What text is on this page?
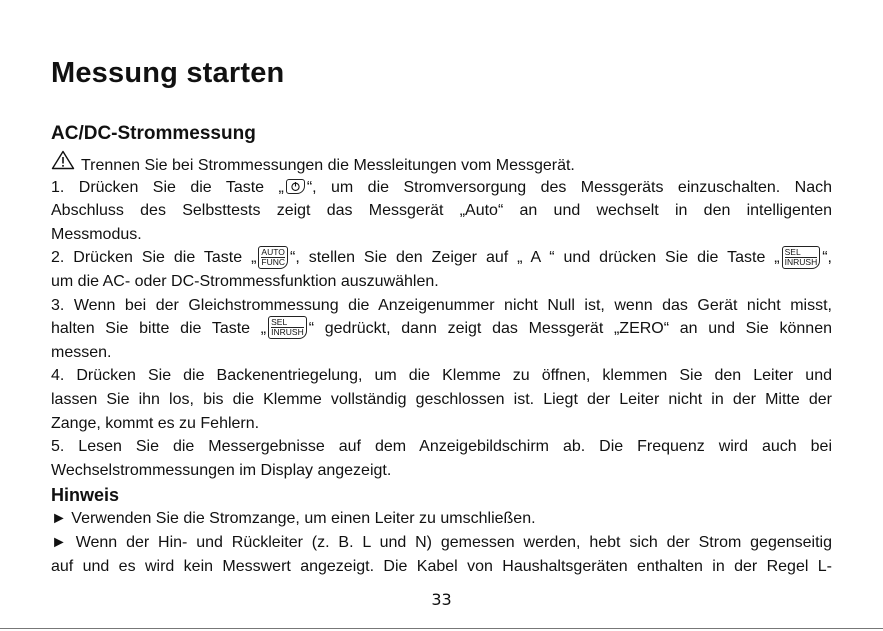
Messung starten
AC/DC-Strommessung
Trennen Sie bei Strommessungen die Messleitungen vom Messgerät.
1. Drücken Sie die Taste „ “, um die Stromversorgung des Messgeräts einzuschalten. Nach
Abschluss des Selbsttests zeigt das Messgerät „Auto“ an und wechselt in den intelligenten
Messmodus.
2. Drücken Sie die Taste „ AUTO
FUNC “, stellen Sie den Zeiger auf „ A “ und drücken Sie die Taste „ SEL
INRUSH “,
um die AC- oder DC-Strommessfunktion auszuwählen.
3. Wenn bei der Gleichstrommessung die Anzeigenummer nicht Null ist, wenn das Gerät nicht misst,
halten Sie bitte die Taste „ SEL
INRUSH “ gedrückt, dann zeigt das Messgerät „ZERO“ an und Sie können
messen.
4. Drücken Sie die Backenentriegelung, um die Klemme zu öffnen, klemmen Sie den Leiter und
lassen Sie ihn los, bis die Klemme vollständig geschlossen ist. Liegt der Leiter nicht in der Mitte der
Zange, kommt es zu Fehlern.
5. Lesen Sie die Messergebnisse auf dem Anzeigebildschirm ab. Die Frequenz wird auch bei
Wechselstrommessungen im Display angezeigt.
Hinweis
► Verwenden Sie die Stromzange, um einen Leiter zu umschließen.
► Wenn der Hin- und Rückleiter (z. B. L und N) gemessen werden, hebt sich der Strom gegenseitig
auf und es wird kein Messwert angezeigt. Die Kabel von Haushaltsgeräten enthalten in der Regel L-
33
